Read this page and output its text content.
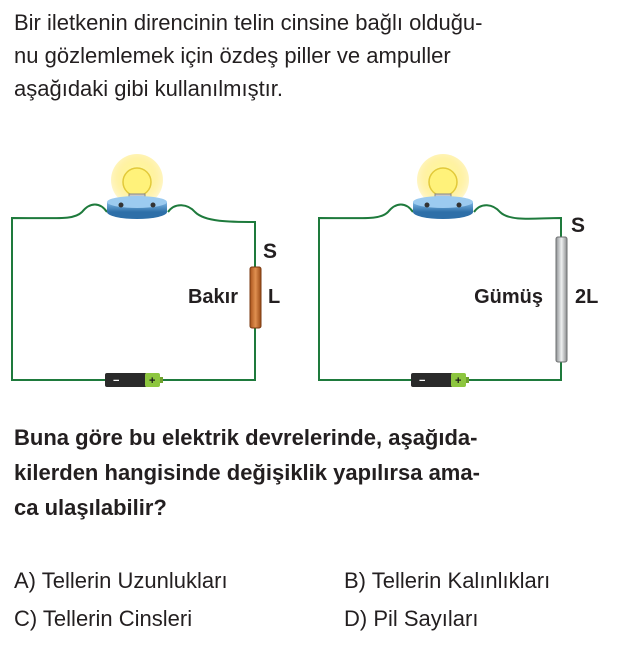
Bir iletkenin direncinin telin cinsine bağlı olduğu-
nu gözlemlemek için özdeş piller ve ampuller
aşağıdaki gibi kullanılmıştır.
S
Bakır L
−	+
S
Gümüş 2L
−	+
Buna göre bu elektrik devrelerinde, aşağıda-
kilerden hangisinde değişiklik yapılırsa ama-
ca ulaşılabilir?
A) Tellerin Uzunlukları	B) Tellerin Kalınlıkları
C) Tellerin Cinsleri	D) Pil Sayıları
